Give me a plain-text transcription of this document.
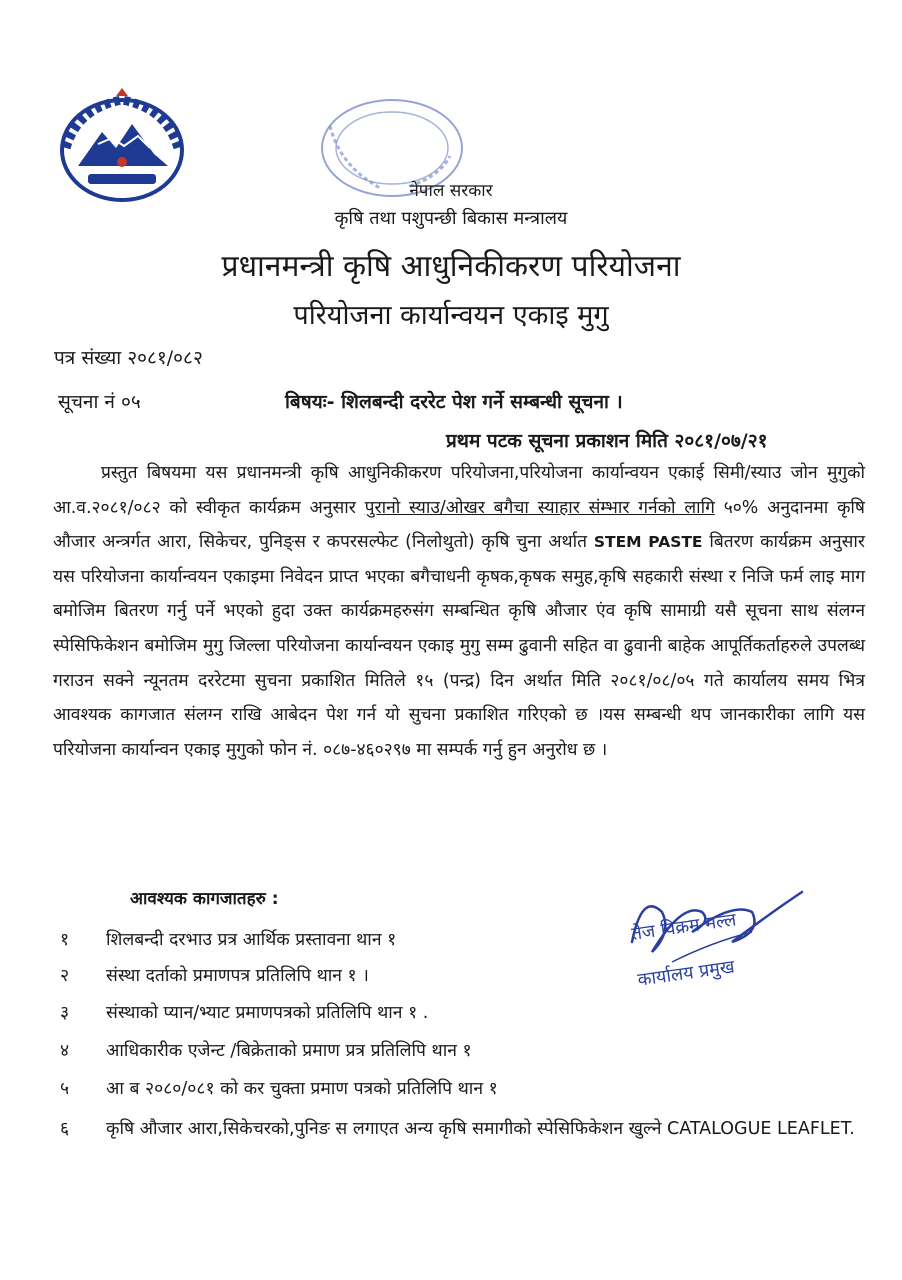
नेपाल सरकार
कृषि तथा पशुपन्छी बिकास मन्त्रालय
प्रधानमन्त्री कृषि आधुनिकीकरण परियोजना
परियोजना कार्यान्वयन एकाइ मुगु
पत्र संख्या २०८१/०८२
सूचना नं ०५	बिषयः- शिलबन्दी दररेट पेश गर्ने सम्बन्धी सूचना ।
प्रथम पटक सूचना प्रकाशन मिति २०८१/०७/२१
प्रस्तुत बिषयमा यस प्रधानमन्त्री कृषि आधुनिकीकरण परियोजना,परियोजना कार्यान्वयन एकाई सिमी/स्याउ जोन मुगुको आ.व.२०८१/०८२ को स्वीकृत कार्यक्रम अनुसार पुरानो स्याउ/ओखर बगैचा स्याहार संम्भार गर्नको लागि ५०% अनुदानमा कृषि औजार अन्त्रर्गत आरा, सिकेचर, पुनिङ्स र कपरसल्फेट (निलोथुतो) कृषि चुना अर्थात STEM PASTE बितरण कार्यक्रम अनुसार यस परियोजना कार्यान्वयन एकाइमा निवेदन प्राप्त भएका बगैचाधनी कृषक,कृषक समुह,कृषि सहकारी संस्था र निजि फर्म लाइ माग बमोजिम बितरण गर्नु पर्ने भएको हुदा उक्त कार्यक्रमहरुसंग सम्बन्धित कृषि औजार एंव कृषि सामाग्री यसै सूचना साथ संलग्न स्पेसिफिकेशन बमोजिम मुगु जिल्ला परियोजना कार्यान्वयन एकाइ मुगु सम्म ढुवानी सहित वा ढुवानी बाहेक आपूर्तिकर्ताहरुले उपलब्ध गराउन सक्ने न्यूनतम दररेटमा सुचना प्रकाशित मितिले १५ (पन्द्र) दिन अर्थात मिति २०८१/०८/०५ गते कार्यालय समय भित्र आवश्यक कागजात संलग्न राखि आबेदन पेश गर्न यो सुचना प्रकाशित गरिएको छ ।यस सम्बन्धी थप जानकारीका लागि यस परियोजना कार्यान्वन एकाइ मुगुको फोन नं. ०८७-४६०२९७ मा सम्पर्क गर्नु हुन अनुरोध छ ।
आवश्यक कागजातहरु :
१ शिलबन्दी दरभाउ प्रत्र आर्थिक प्रस्तावना थान १
२ संस्था दर्ताको प्रमाणपत्र प्रतिलिपि थान १ ।
३ संस्थाको प्यान/भ्याट प्रमाणपत्रको प्रतिलिपि थान १ .
४ आधिकारीक एजेन्ट /बिक्रेताको प्रमाण प्रत्र प्रतिलिपि थान १
५ आ ब २०८०/०८१ को कर चुक्ता प्रमाण पत्रको प्रतिलिपि थान १
६ कृषि औजार आरा,सिकेचरको,पुनिङ स लगाएत अन्य कृषि समागीको स्पेसिफिकेशन खुल्ने CATALOGUE LEAFLET.
तेज विक्रम मल्ल
कार्यालय प्रमुख
